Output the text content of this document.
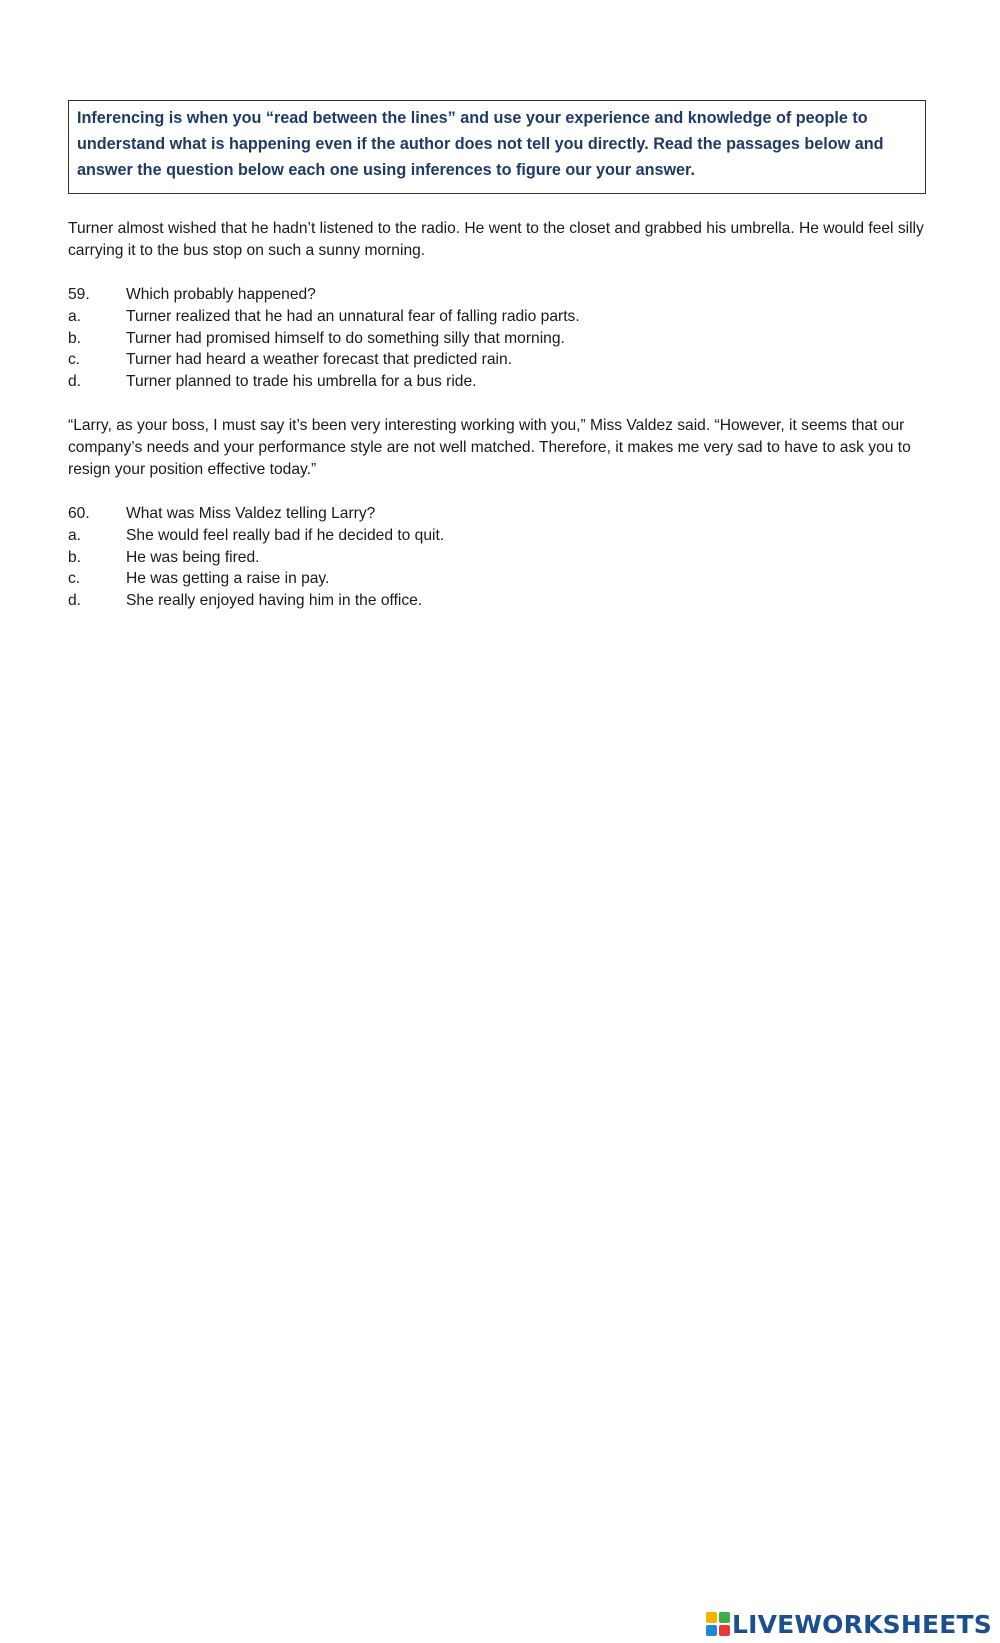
Inferencing is when you “read between the lines” and use your experience and knowledge of people to understand what is happening even if the author does not tell you directly. Read the passages below and answer the question below each one using inferences to figure our your answer.

Turner almost wished that he hadn’t listened to the radio. He went to the closet and grabbed his umbrella. He would feel silly carrying it to the bus stop on such a sunny morning.

59.	Which probably happened?
a.	Turner realized that he had an unnatural fear of falling radio parts.
b.	Turner had promised himself to do something silly that morning.
c.	Turner had heard a weather forecast that predicted rain.
d.	Turner planned to trade his umbrella for a bus ride.

“Larry, as your boss, I must say it’s been very interesting working with you,” Miss Valdez said. “However, it seems that our company’s needs and your performance style are not well matched. Therefore, it makes me very sad to have to ask you to resign your position effective today.”

60.	What was Miss Valdez telling Larry?
a.	She would feel really bad if he decided to quit.
b.	He was being fired.
c.	He was getting a raise in pay.
d.	She really enjoyed having him in the office.
LIVEWORKSHEETS
